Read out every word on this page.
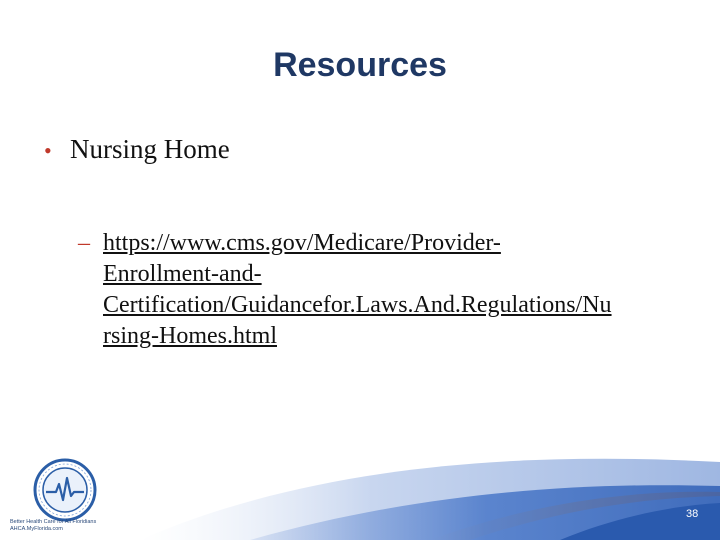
Resources
• Nursing Home
– https://www.cms.gov/Medicare/Provider-
Enrollment-and-
Certification/Guidancefor.Laws.And.Regulations/Nu
rsing-Homes.html
Better Health Care for All Floridians
AHCA.MyFlorida.com
38
